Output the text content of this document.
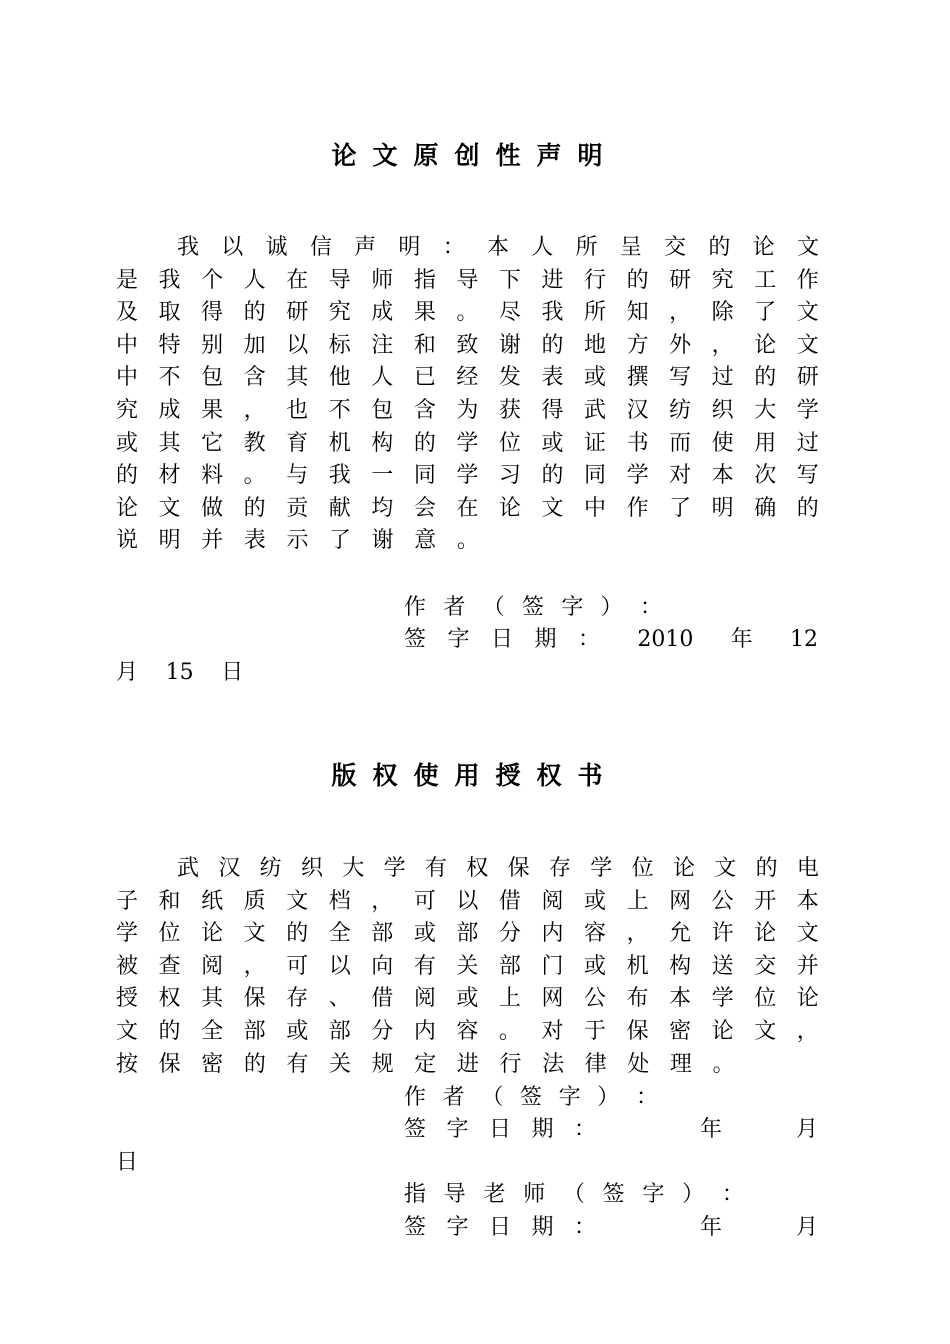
论文原创性声明
我 以 诚 信 声 明 ： 本 人 所 呈 交 的 论 文
是 我 个 人 在 导 师 指 导 下 进 行 的 研 究 工 作
及 取 得 的 研 究 成 果 。 尽 我 所 知 ， 除 了 文
中 特 别 加 以 标 注 和 致 谢 的 地 方 外 ， 论 文
中 不 包 含 其 他 人 已 经 发 表 或 撰 写 过 的 研
究 成 果 ， 也 不 包 含 为 获 得 武 汉 纺 织 大 学
或 其 它 教 育 机 构 的 学 位 或 证 书 而 使 用 过
的 材 料 。 与 我 一 同 学 习 的 同 学 对 本 次 写
论 文 做 的 贡 献 均 会 在 论 文 中 作 了 明 确 的
说 明 并 表 示 了 谢 意 。
作 者 （ 签 字 ） ：
签 字 日 期 ： 2010 年 12
月 15 日
版权使用授权书
武 汉 纺 织 大 学 有 权 保 存 学 位 论 文 的 电
子 和 纸 质 文 档 ， 可 以 借 阅 或 上 网 公 开 本
学 位 论 文 的 全 部 或 部 分 内 容 ， 允 许 论 文
被 查 阅 ， 可 以 向 有 关 部 门 或 机 构 送 交 并
授 权 其 保 存 、 借 阅 或 上 网 公 布 本 学 位 论
文 的 全 部 或 部 分 内 容 。 对 于 保 密 论 文 ，
按 保 密 的 有 关 规 定 进 行 法 律 处 理 。
作 者 （ 签 字 ） ：
签 字 日 期 ：	年	月
日
指 导 老 师 （ 签 字 ） ：
签 字 日 期 ：	年	月
